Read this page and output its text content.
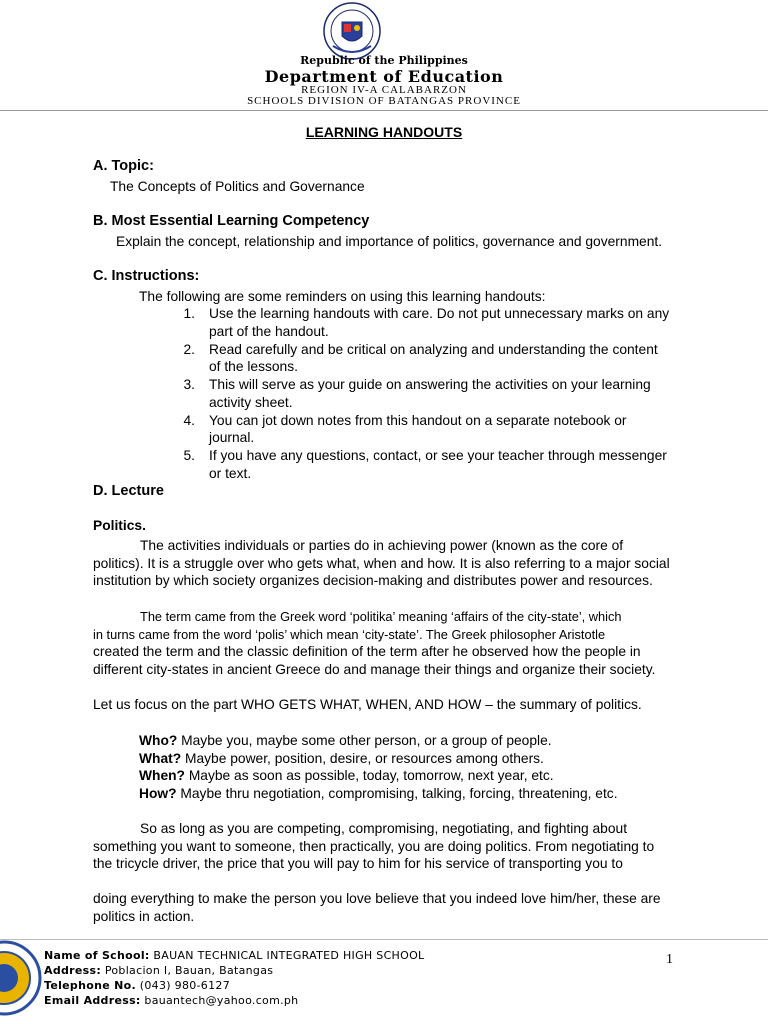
Republic of the Philippines
Department of Education
REGION IV-A CALABARZON
SCHOOLS DIVISION OF BATANGAS PROVINCE
LEARNING HANDOUTS
A. Topic:
The Concepts of Politics and Governance
B. Most Essential Learning Competency
Explain the concept, relationship and importance of politics, governance and government.
C. Instructions:
The following are some reminders on using this learning handouts:
1. Use the learning handouts with care. Do not put unnecessary marks on any
part of the handout.
2. Read carefully and be critical on analyzing and understanding the content
of the lessons.
3. This will serve as your guide on answering the activities on your learning
activity sheet.
4. You can jot down notes from this handout on a separate notebook or
journal.
5. If you have any questions, contact, or see your teacher through messenger
or text.
D. Lecture
Politics.
The activities individuals or parties do in achieving power (known as the core of
politics). It is a struggle over who gets what, when and how. It is also referring to a major social
institution by which society organizes decision-making and distributes power and resources.
The term came from the Greek word ‘politika’ meaning ‘affairs of the city-state’, which
in turns came from the word ‘polis’ which mean ‘city-state’. The Greek philosopher Aristotle
created the term and the classic definition of the term after he observed how the people in
different city-states in ancient Greece do and manage their things and organize their society.
Let us focus on the part WHO GETS WHAT, WHEN, AND HOW – the summary of politics.
Who? Maybe you, maybe some other person, or a group of people.
What? Maybe power, position, desire, or resources among others.
When? Maybe as soon as possible, today, tomorrow, next year, etc.
How? Maybe thru negotiation, compromising, talking, forcing, threatening, etc.
So as long as you are competing, compromising, negotiating, and fighting about
something you want to someone, then practically, you are doing politics. From negotiating to
the tricycle driver, the price that you will pay to him for his service of transporting you to
doing everything to make the person you love believe that you indeed love him/her, these are
politics in action.
Name of School: BAUAN TECHNICAL INTEGRATED HIGH SCHOOL
Address: Poblacion I, Bauan, Batangas
Telephone No. (043) 980-6127
Email Address: bauantech@yahoo.com.ph
1
